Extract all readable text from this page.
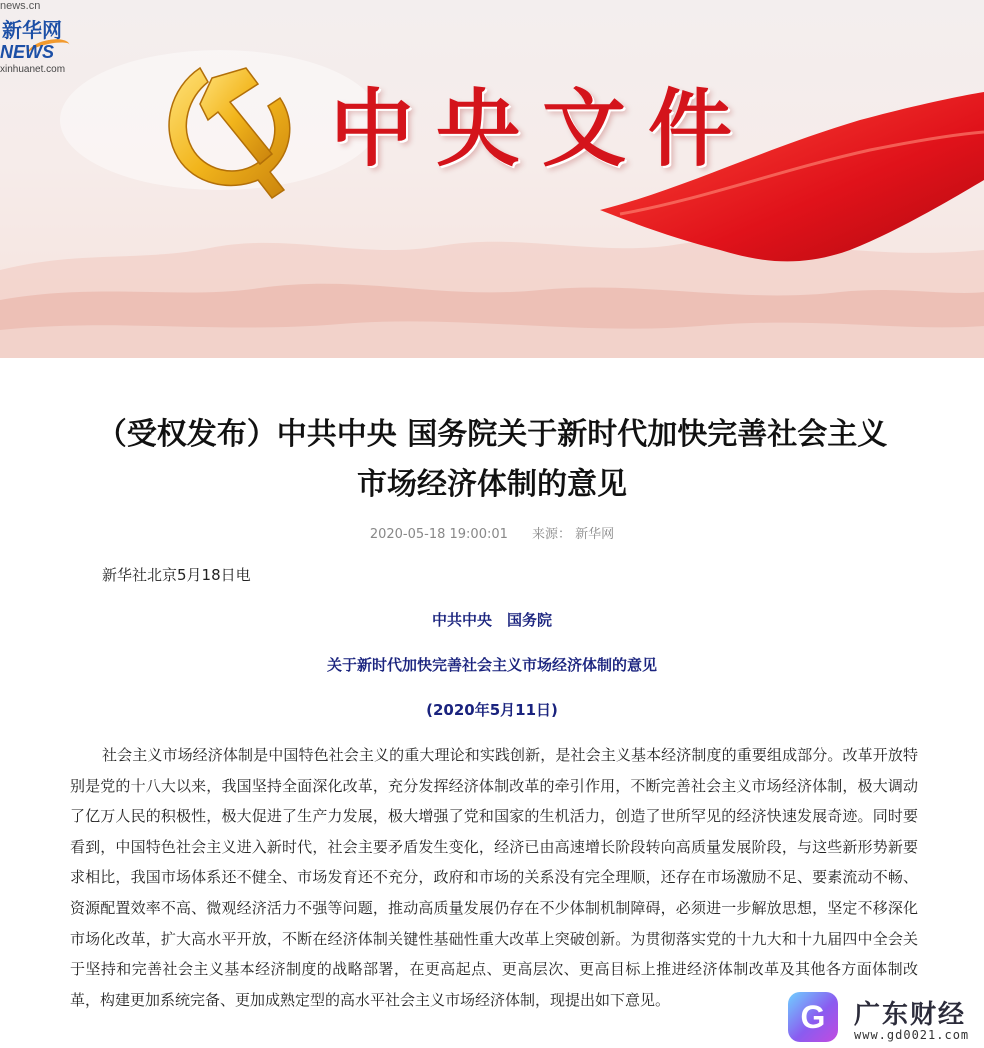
news.cn
新华网
NEWS
xinhuanet.com
中央文件
（受权发布）中共中央 国务院关于新时代加快完善社会主义
市场经济体制的意见
2020-05-18 19:00:01 来源： 新华网
新华社北京5月18日电
中共中央　国务院
关于新时代加快完善社会主义市场经济体制的意见
(2020年5月11日)

社会主义市场经济体制是中国特色社会主义的重大理论和实践创新，是社会主义基本经济制度的重要组成部分。改革开放特别是党的十八大以来，我国坚持全面深化改革，充分发挥经济体制改革的牵引作用，不断完善社会主义市场经济体制，极大调动了亿万人民的积极性，极大促进了生产力发展，极大增强了党和国家的生机活力，创造了世所罕见的经济快速发展奇迹。同时要看到，中国特色社会主义进入新时代，社会主要矛盾发生变化，经济已由高速增长阶段转向高质量发展阶段，与这些新形势新要求相比，我国市场体系还不健全、市场发育还不充分，政府和市场的关系没有完全理顺，还存在市场激励不足、要素流动不畅、资源配置效率不高、微观经济活力不强等问题，推动高质量发展仍存在不少体制机制障碍，必须进一步解放思想，坚定不移深化市场化改革，扩大高水平开放，不断在经济体制关键性基础性重大改革上突破创新。为贯彻落实党的十九大和十九届四中全会关于坚持和完善社会主义基本经济制度的战略部署，在更高起点、更高层次、更高目标上推进经济体制改革及其他各方面体制改革，构建更加系统完备、更加成熟定型的高水平社会主义市场经济体制，现提出如下意见。	G	广东财经
www.gd0021.com
